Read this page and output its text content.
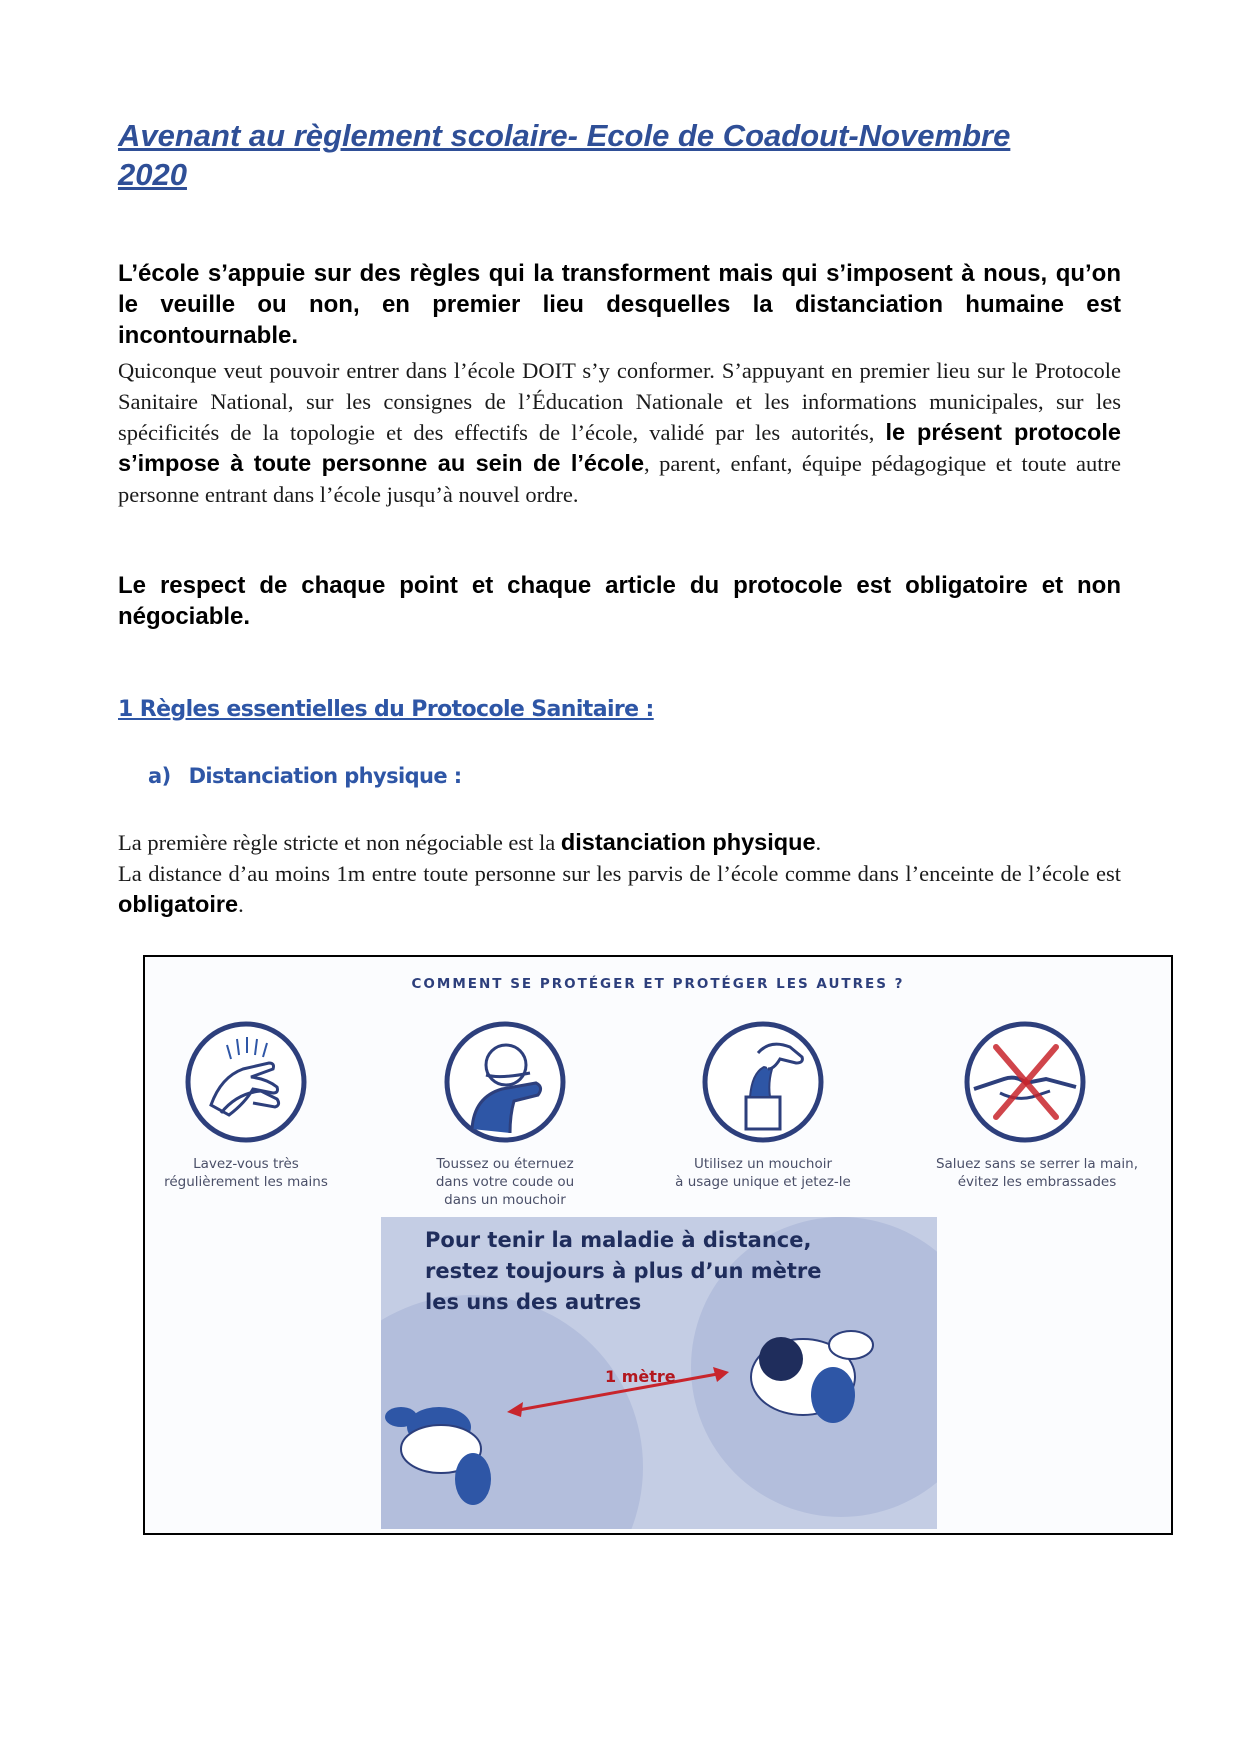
Avenant au règlement scolaire- Ecole de Coadout-Novembre
2020

L’école s’appuie sur des règles qui la transforment mais qui s’imposent à nous, qu’on le veuille ou non, en premier lieu desquelles la distanciation humaine est incontournable.

Quiconque veut pouvoir entrer dans l’école DOIT s’y conformer. S’appuyant en premier lieu sur le Protocole Sanitaire National, sur les consignes de l’Éducation Nationale et les informations municipales, sur les spécificités de la topologie et des effectifs de l’école, validé par les autorités, le présent protocole s’impose à toute personne au sein de l’école, parent, enfant, équipe pédagogique et toute autre personne entrant dans l’école jusqu’à nouvel ordre.

Le respect de chaque point et chaque article du protocole est obligatoire et non négociable.

1 Règles essentielles du Protocole Sanitaire :
a) Distanciation physique :

La première règle stricte et non négociable est la distanciation physique.
La distance d’au moins 1m entre toute personne sur les parvis de l’école comme dans l’enceinte de l’école est obligatoire.

COMMENT SE PROTÉGER ET PROTÉGER LES AUTRES ?
Lavez-vous très
régulièrement les mains
Toussez ou éternuez
dans votre coude ou
dans un mouchoir
Utilisez un mouchoir
à usage unique et jetez-le
Saluez sans se serrer la main,
évitez les embrassades
Pour tenir la maladie à distance,
restez toujours à plus d’un mètre
les uns des autres
1 mètre
